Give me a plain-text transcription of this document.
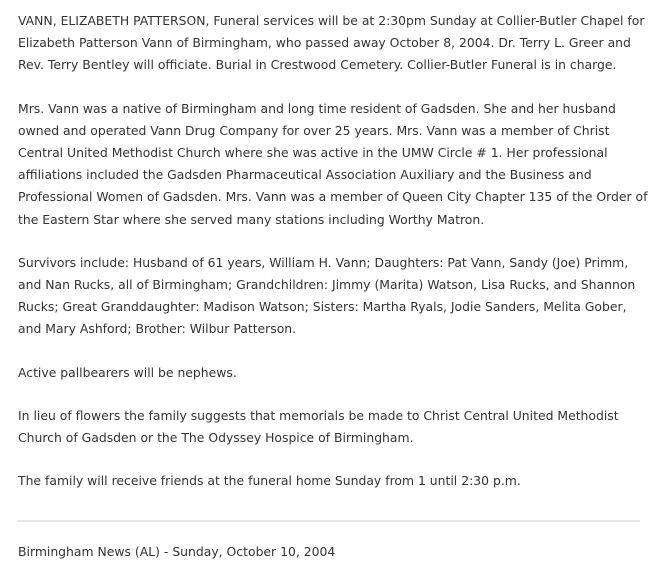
VANN, ELIZABETH PATTERSON, Funeral services will be at 2:30pm Sunday at Collier-Butler Chapel for Elizabeth Patterson Vann of Birmingham, who passed away October 8, 2004. Dr. Terry L. Greer and Rev. Terry Bentley will officiate. Burial in Crestwood Cemetery. Collier-Butler Funeral is in charge.

Mrs. Vann was a native of Birmingham and long time resident of Gadsden. She and her husband owned and operated Vann Drug Company for over 25 years. Mrs. Vann was a member of Christ Central United Methodist Church where she was active in the UMW Circle # 1. Her professional affiliations included the Gadsden Pharmaceutical Association Auxiliary and the Business and Professional Women of Gadsden. Mrs. Vann was a member of Queen City Chapter 135 of the Order of the Eastern Star where she served many stations including Worthy Matron.

Survivors include: Husband of 61 years, William H. Vann; Daughters: Pat Vann, Sandy (Joe) Primm, and Nan Rucks, all of Birmingham; Grandchildren: Jimmy (Marita) Watson, Lisa Rucks, and Shannon Rucks; Great Granddaughter: Madison Watson; Sisters: Martha Ryals, Jodie Sanders, Melita Gober, and Mary Ashford; Brother: Wilbur Patterson.

Active pallbearers will be nephews.

In lieu of flowers the family suggests that memorials be made to Christ Central United Methodist Church of Gadsden or the The Odyssey Hospice of Birmingham.

The family will receive friends at the funeral home Sunday from 1 until 2:30 p.m.

Birmingham News (AL) - Sunday, October 10, 2004
